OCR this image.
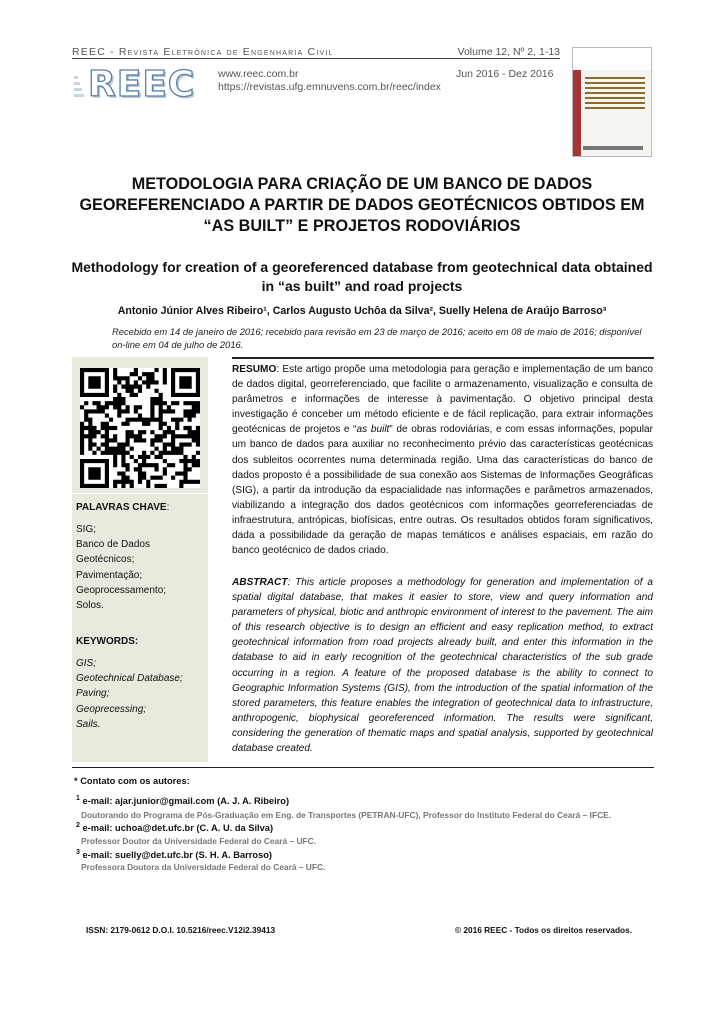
REEC - Revista Eletrônica de Engenharia Civil	Volume 12, Nº 2, 1-13
REEC www.reec.com.br
https://revistas.ufg.emnuvens.com.br/reec/index
Jun 2016 - Dez 2016
METODOLOGIA PARA CRIAÇÃO DE UM BANCO DE DADOS GEOREFERENCIADO A PARTIR DE DADOS GEOTÉCNICOS OBTIDOS EM “AS BUILT” E PROJETOS RODOVIÁRIOS
Methodology for creation of a georeferenced database from geotechnical data obtained in “as built” and road projects
Antonio Júnior Alves Ribeiro¹, Carlos Augusto Uchôa da Silva², Suelly Helena de Araújo Barroso³
Recebido em 14 de janeiro de 2016; recebido para revisão em 23 de março de 2016; aceito em 08 de maio de 2016; disponível on-line em 04 de julho de 2016.
PALAVRAS CHAVE:
SIG;
Banco de Dados
Geotécnicos;
Pavimentação;
Geoprocessamento;
Solos.
KEYWORDS:
GIS;
Geotechnical Database;
Paving;
Geoprecessing;
Sails.
RESUMO: Este artigo propõe uma metodologia para geração e implementação de um banco de dados digital, georreferenciado, que facilite o armazenamento, visualização e consulta de parâmetros e informações de interesse à pavimentação. O objetivo principal desta investigação é conceber um método eficiente e de fácil replicação, para extrair informações geotécnicas de projetos e “as built” de obras rodoviárias, e com essas informações, popular um banco de dados para auxiliar no reconhecimento prévio das características geotécnicas dos subleitos ocorrentes numa determinada região. Uma das características do banco de dados proposto é a possibilidade de sua conexão aos Sistemas de Informações Geográficas (SIG), a partir da introdução da espacialidade nas informações e parâmetros armazenados, viabilizando a integração dos dados geotécnicos com informações georreferenciadas de infraestrutura, antrópicas, biofísicas, entre outras. Os resultados obtidos foram significativos, dada a possibilidade da geração de mapas temáticos e análises espaciais, em razão do banco geotécnico de dados criado.
ABSTRACT: This article proposes a methodology for generation and implementation of a spatial digital database, that makes it easier to store, view and query information and parameters of physical, biotic and anthropic environment of interest to the pavement. The aim of this research objective is to design an efficient and easy replication method, to extract geotechnical information from road projects already built, and enter this information in the database to aid in early recognition of the geotechnical characteristics of the sub grade occurring in a region. A feature of the proposed database is the ability to connect to Geographic Information Systems (GIS), from the introduction of the spatial information of the stored parameters, this feature enables the integration of geotechnical data to infrastructure, anthropogenic, biophysical georeferenced information. The results were significant, considering the generation of thematic maps and spatial analysis, supported by geotechnical database created.
* Contato com os autores:
$^1$ e-mail: ajar.junior@gmail.com (A. J. A. Ribeiro)
Doutorando do Programa de Pós-Graduação em Eng. de Transportes (PETRAN-UFC), Professor do Instituto Federal do Ceará – IFCE.
$^2$ e-mail: uchoa@det.ufc.br (C. A. U. da Silva)
Professor Doutor da Universidade Federal do Ceará – UFC.
$^3$ e-mail: suelly@det.ufc.br (S. H. A. Barroso)
Professora Doutora da Universidade Federal do Ceará – UFC.
ISSN: 2179-0612 D.O.I. 10.5216/reec.V12i2.39413	© 2016 REEC - Todos os direitos reservados.
